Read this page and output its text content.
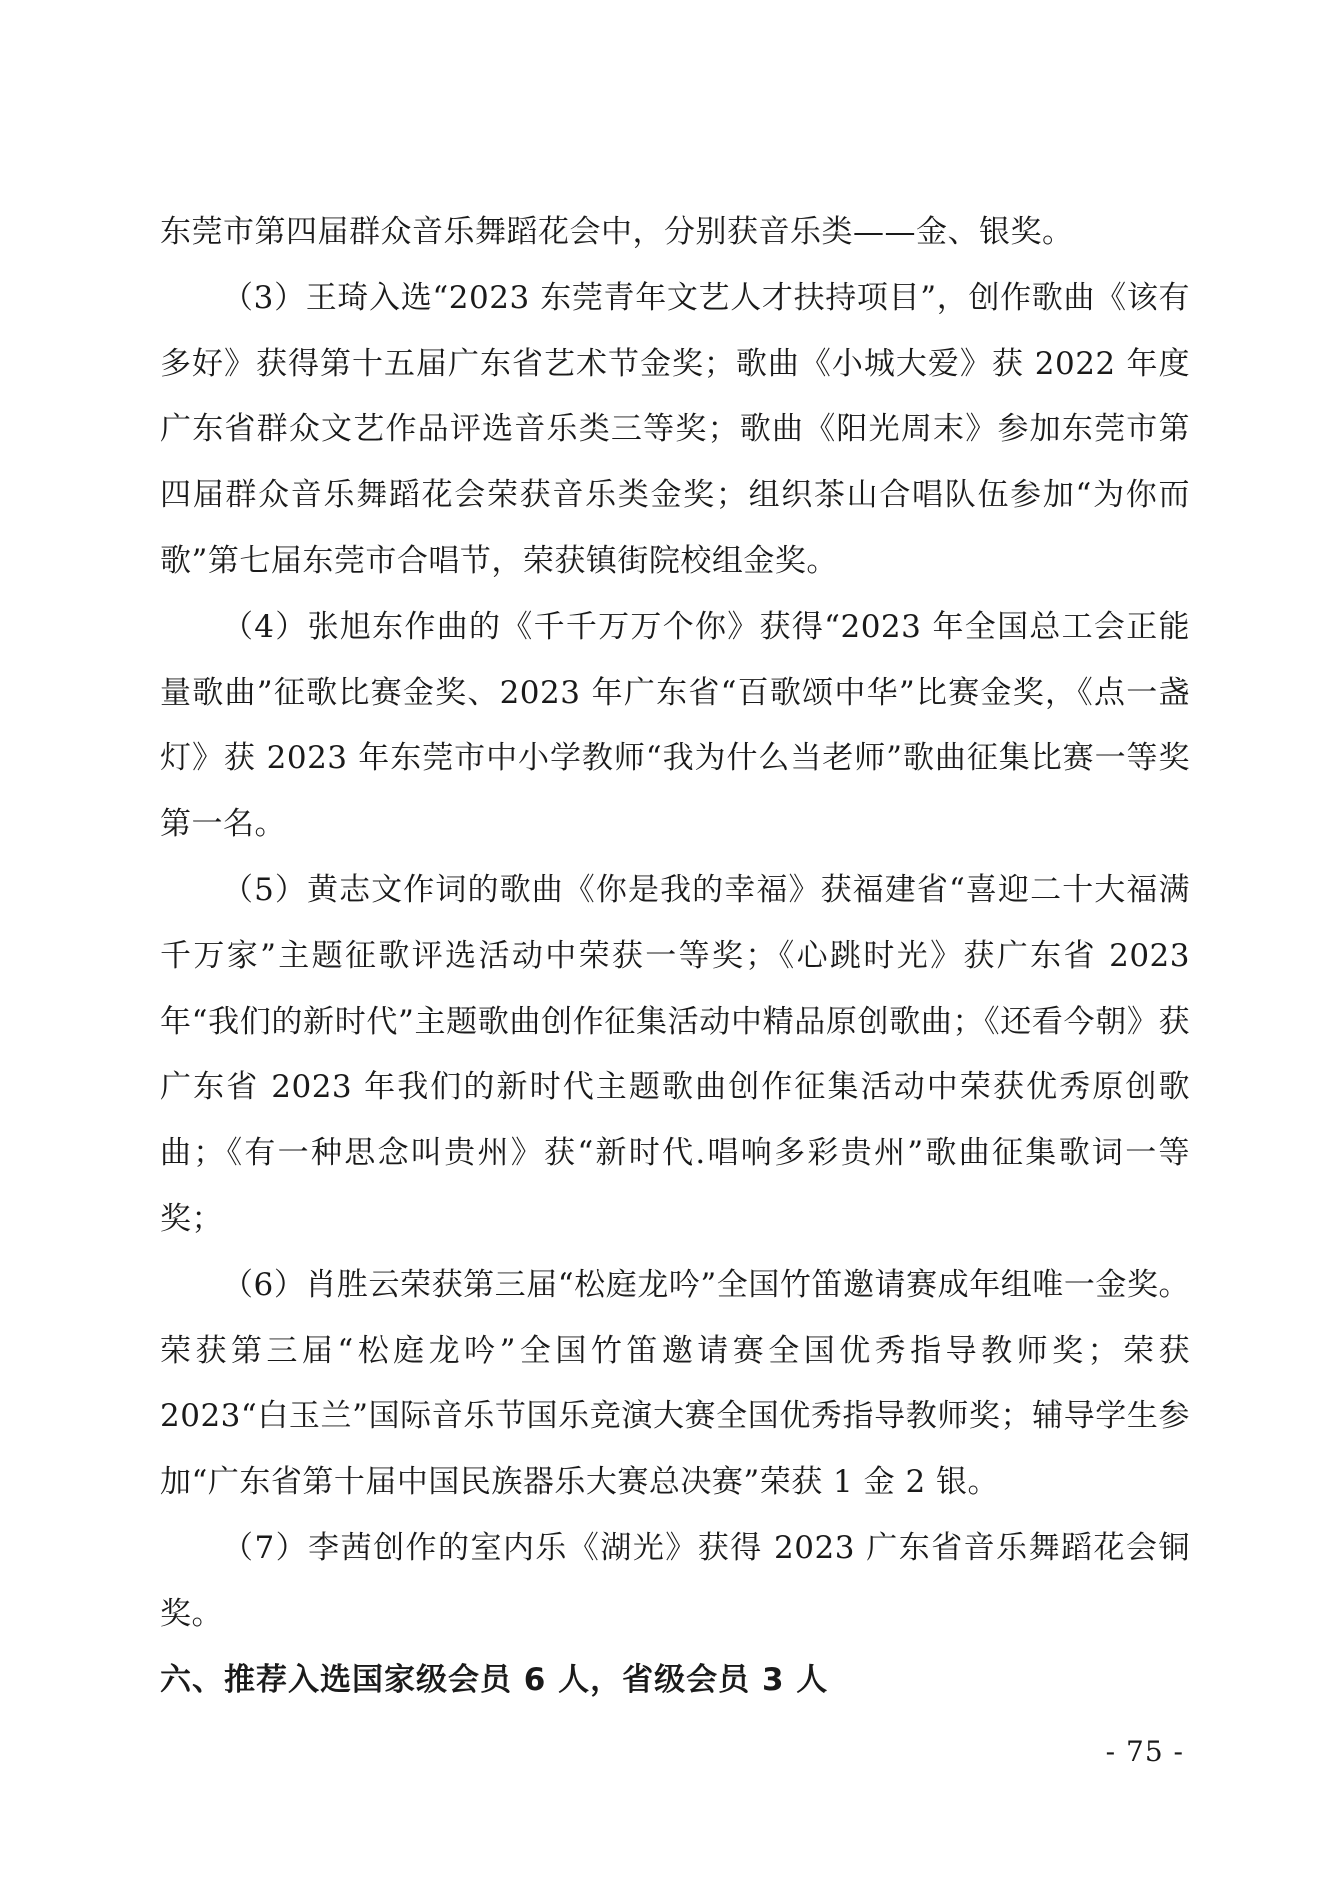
东莞市第四届群众音乐舞蹈花会中，分别获音乐类——金、银奖。

（3）王琦入选“2023 东莞青年文艺人才扶持项目”，创作歌曲《该有多好》获得第十五届广东省艺术节金奖；歌曲《小城大爱》获 2022 年度广东省群众文艺作品评选音乐类三等奖；歌曲《阳光周末》参加东莞市第四届群众音乐舞蹈花会荣获音乐类金奖；组织茶山合唱队伍参加“为你而歌”第七届东莞市合唱节，荣获镇街院校组金奖。

（4）张旭东作曲的《千千万万个你》获得“2023 年全国总工会正能量歌曲”征歌比赛金奖、2023 年广东省“百歌颂中华”比赛金奖，《点一盏灯》获 2023 年东莞市中小学教师“我为什么当老师”歌曲征集比赛一等奖第一名。

（5）黄志文作词的歌曲《你是我的幸福》获福建省“喜迎二十大福满千万家”主题征歌评选活动中荣获一等奖；《心跳时光》获广东省 2023 年“我们的新时代”主题歌曲创作征集活动中精品原创歌曲；《还看今朝》获广东省 2023 年我们的新时代主题歌曲创作征集活动中荣获优秀原创歌曲；《有一种思念叫贵州》获“新时代.唱响多彩贵州”歌曲征集歌词一等奖；

（6）肖胜云荣获第三届“松庭龙吟”全国竹笛邀请赛成年组唯一金奖。荣获第三届“松庭龙吟”全国竹笛邀请赛全国优秀指导教师奖；荣获 2023“白玉兰”国际音乐节国乐竞演大赛全国优秀指导教师奖；辅导学生参加“广东省第十届中国民族器乐大赛总决赛”荣获 1 金 2 银。

（7）李茜创作的室内乐《湖光》获得 2023 广东省音乐舞蹈花会铜奖。

六、推荐入选国家级会员 6 人，省级会员 3 人

- 75 -
